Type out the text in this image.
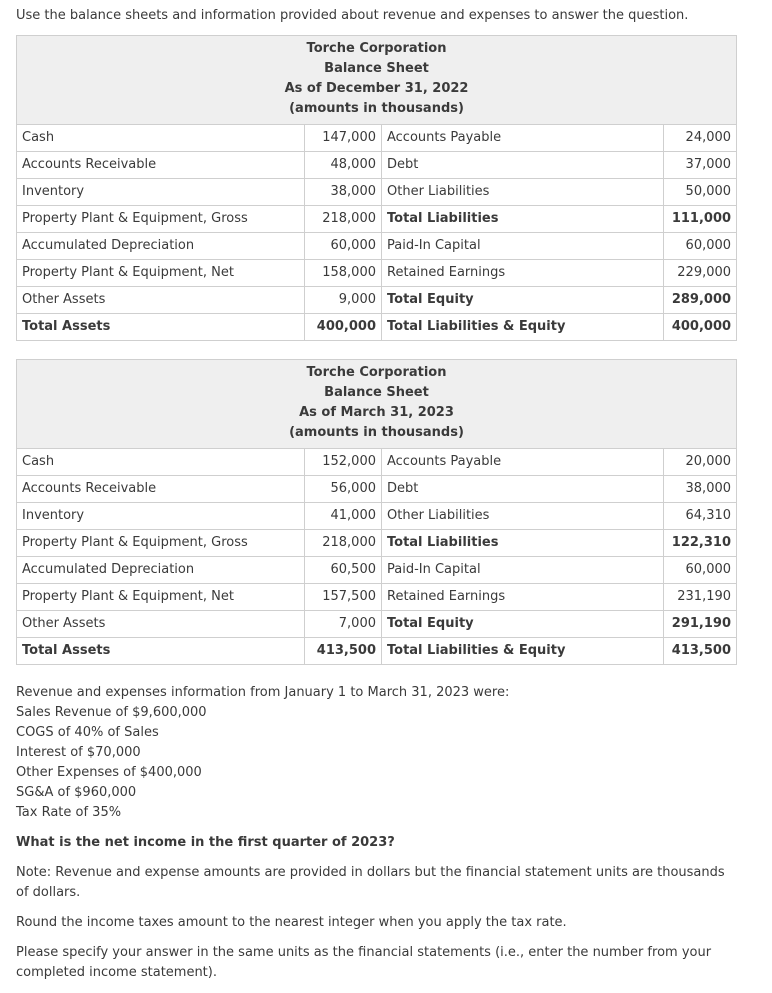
Use the balance sheets and information provided about revenue and expenses to answer the question.

Torche Corporation
Balance Sheet
As of December 31, 2022
(amounts in thousands)			

Cash	147,000	Accounts Payable	24,000
Accounts Receivable	48,000	Debt	37,000
Inventory	38,000	Other Liabilities	50,000
Property Plant & Equipment, Gross	218,000	Total Liabilities	111,000
Accumulated Depreciation	60,000	Paid-In Capital	60,000
Property Plant & Equipment, Net	158,000	Retained Earnings	229,000
Other Assets	9,000	Total Equity	289,000
Total Assets	400,000	Total Liabilities & Equity	400,000
Torche Corporation
Balance Sheet
As of March 31, 2023
(amounts in thousands)			

Cash	152,000	Accounts Payable	20,000
Accounts Receivable	56,000	Debt	38,000
Inventory	41,000	Other Liabilities	64,310
Property Plant & Equipment, Gross	218,000	Total Liabilities	122,310
Accumulated Depreciation	60,500	Paid-In Capital	60,000
Property Plant & Equipment, Net	157,500	Retained Earnings	231,190
Other Assets	7,000	Total Equity	291,190
Total Assets	413,500	Total Liabilities & Equity	413,500
Revenue and expenses information from January 1 to March 31, 2023 were:
Sales Revenue of $9,600,000
COGS of 40% of Sales
Interest of $70,000
Other Expenses of $400,000
SG&A of $960,000
Tax Rate of 35%

What is the net income in the first quarter of 2023?

Note: Revenue and expense amounts are provided in dollars but the financial statement units are thousands of dollars.

Round the income taxes amount to the nearest integer when you apply the tax rate.

Please specify your answer in the same units as the financial statements (i.e., enter the number from your completed income statement).
